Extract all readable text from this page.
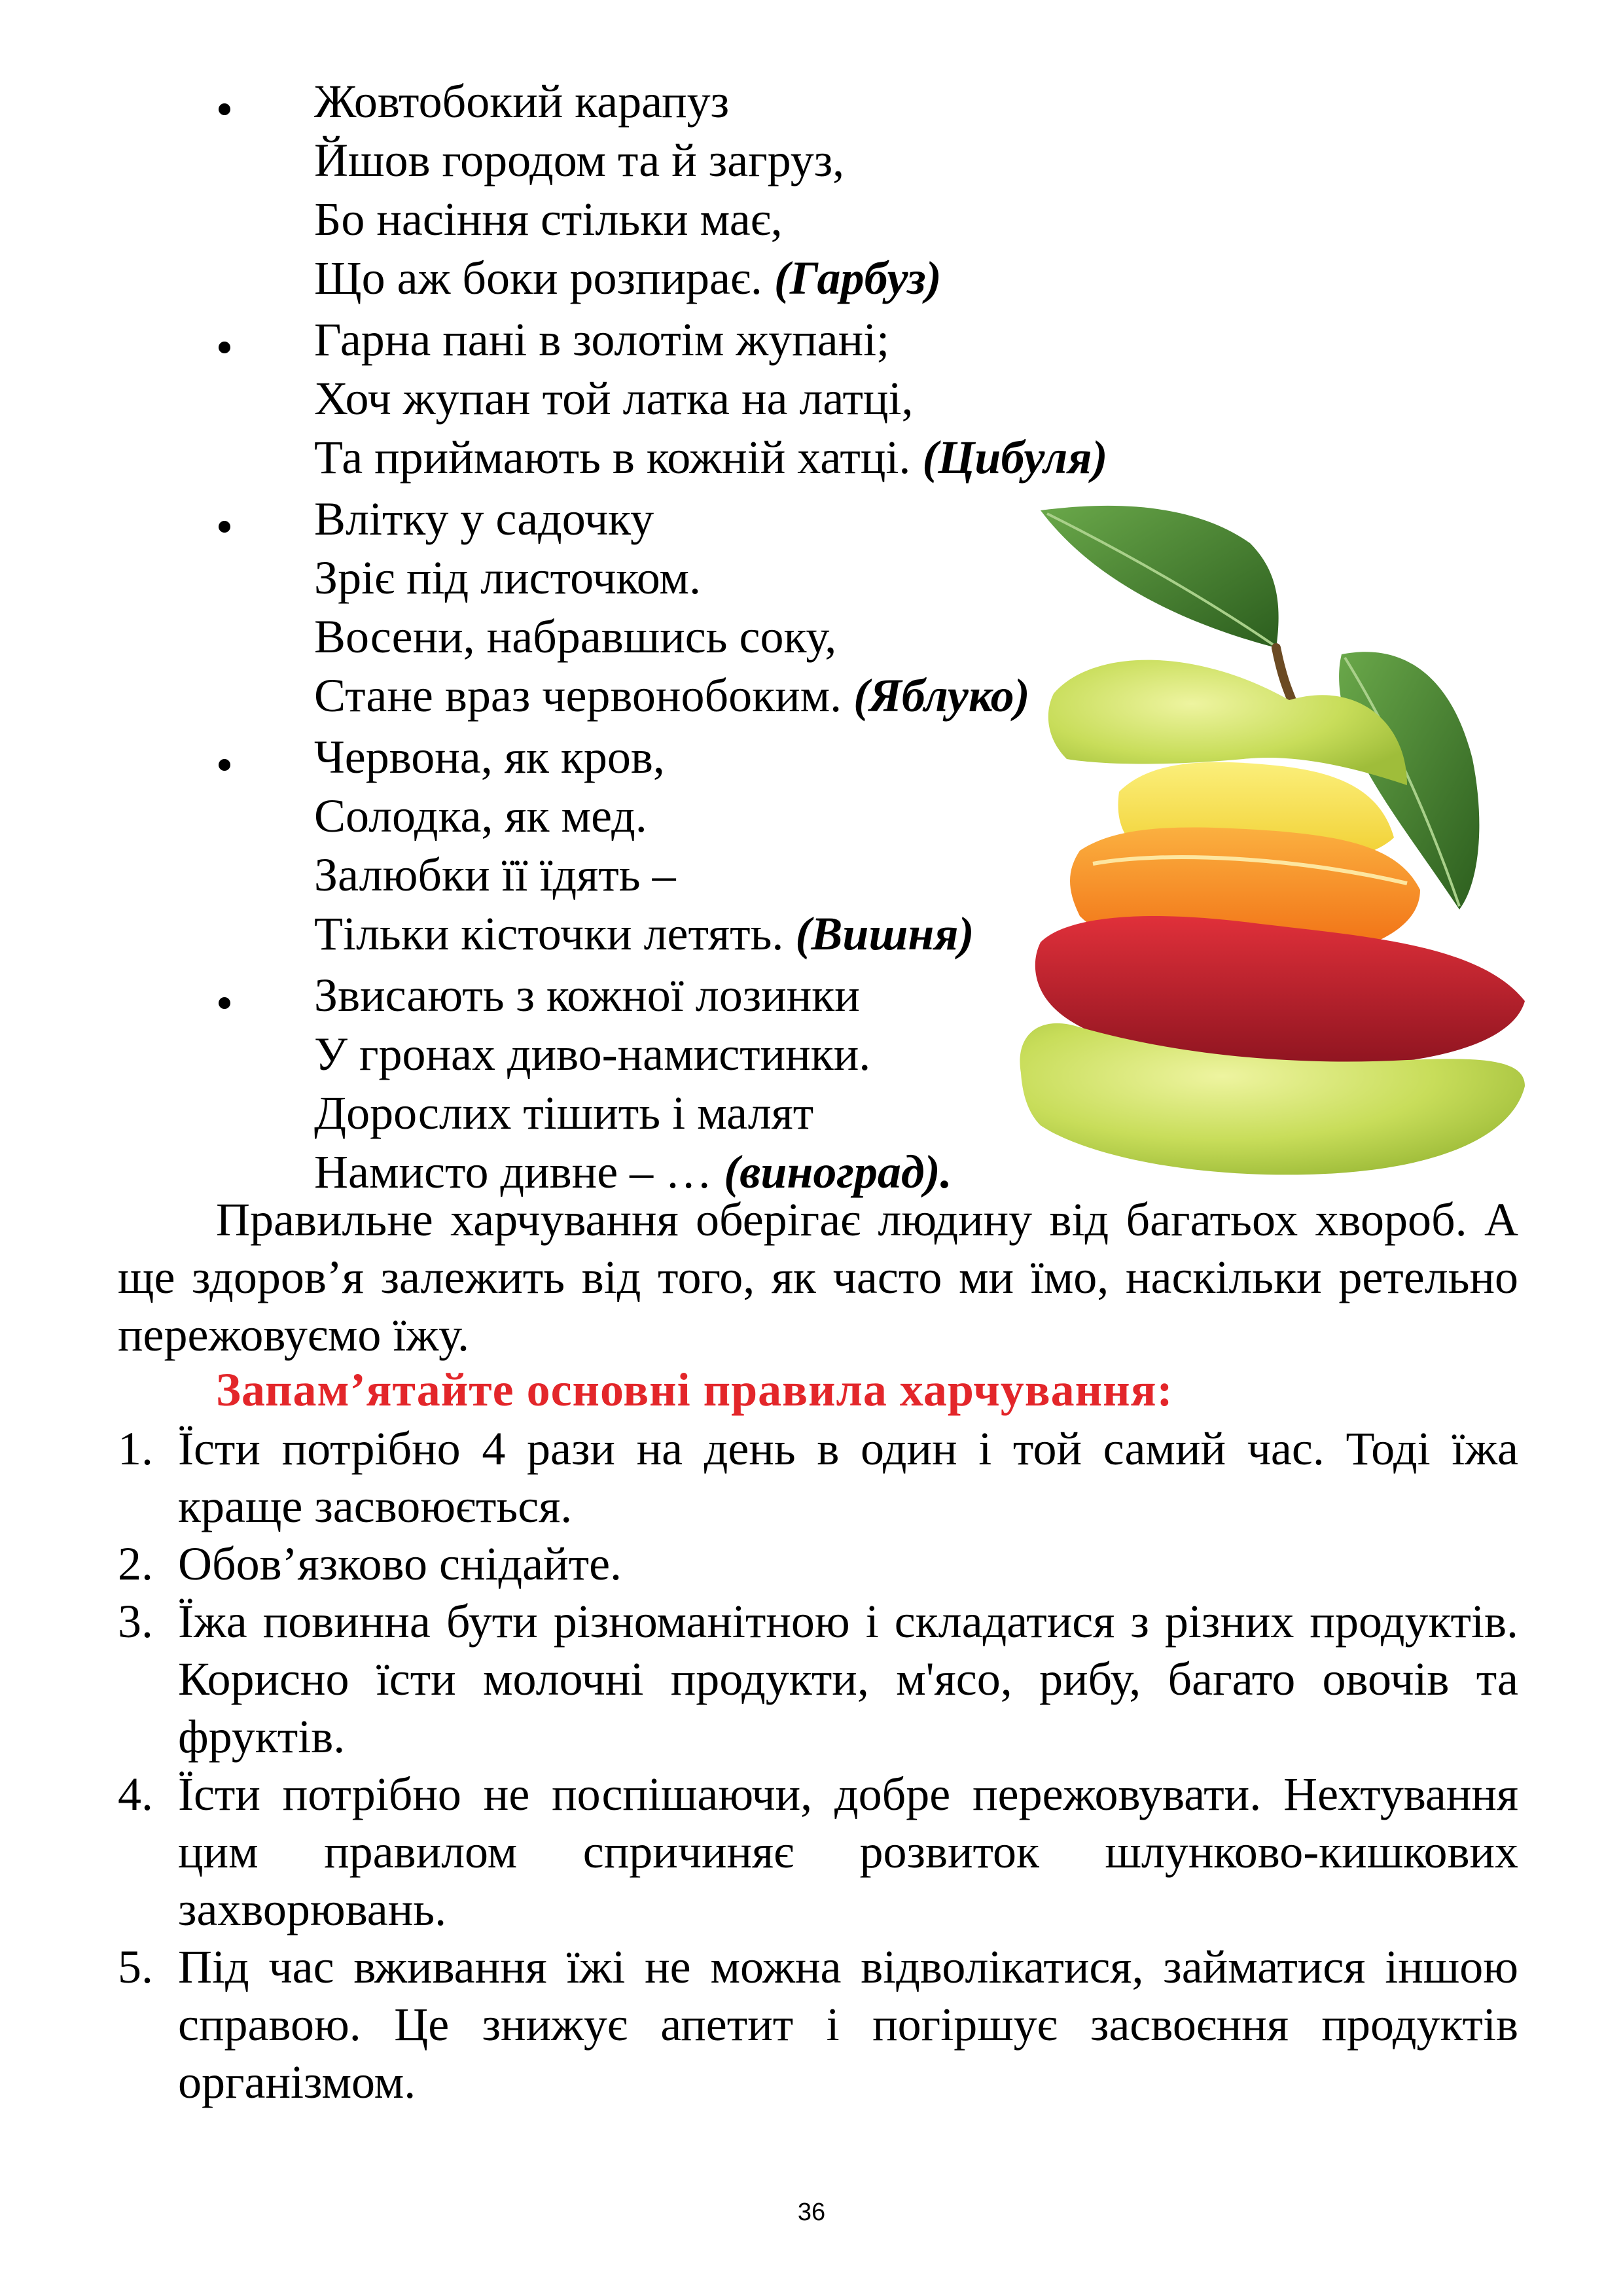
Жовтобокий карапуз
Йшов городом та й загруз,
Бо насіння стільки має,
Що аж боки розпирає. (Гарбуз)
Гарна пані в золотім жупані;
Хоч жупан той латка на латці,
Та приймають в кожній хатці. (Цибуля)
Влітку у садочку
Зріє під листочком.
Восени, набравшись соку,
Стане враз червонобоким. (Яблуко)
Червона, як кров,
Солодка, як мед.
Залюбки її їдять –
Тільки кісточки летять. (Вишня)
Звисають з кожної лозинки
У гронах диво-намистинки.
Дорослих тішить і малят
Намисто дивне – … (виноград).
Правильне харчування оберігає людину від багатьох хвороб. А ще здоров’я залежить від того, як часто ми їмо, наскільки ретельно пережовуємо їжу.
Запам’ятайте основні правила харчування:
1. Їсти потрібно 4 рази на день в один і той самий час. Тоді їжа краще засвоюється.
2. Обов’язково снідайте.
3. Їжа повинна бути різноманітною і складатися з різних продуктів. Корисно їсти молочні продукти, м'ясо, рибу, багато овочів та фруктів.
4. Їсти потрібно не поспішаючи, добре пережовувати. Нехтування цим правилом спричиняє розвиток шлунково-кишкових захворювань.
5. Під час вживання їжі не можна відволікатися, займатися іншою справою. Це знижує апетит і погіршує засвоєння продуктів організмом.
36
